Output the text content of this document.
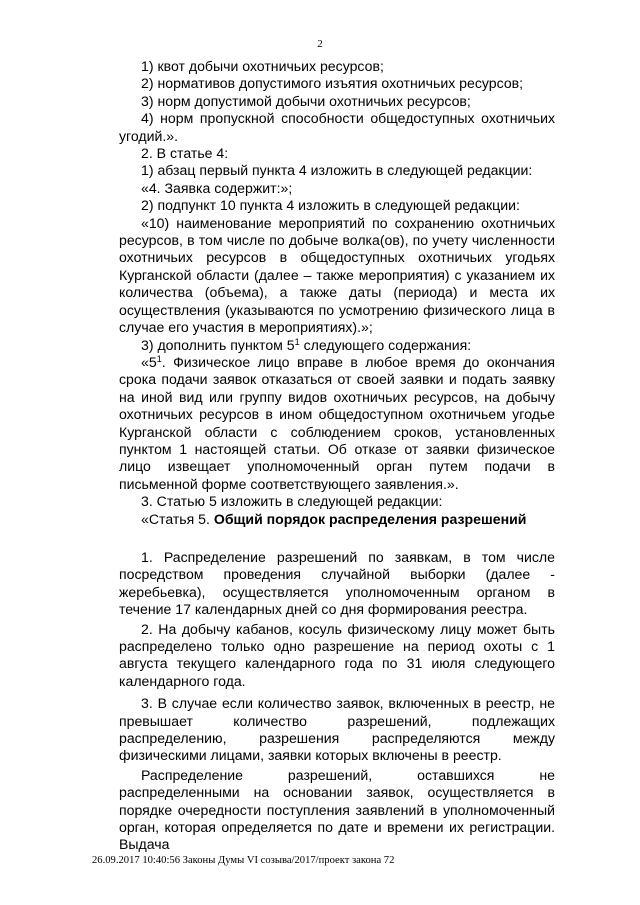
2

1) квот добычи охотничьих ресурсов;

2) нормативов допустимого изъятия охотничьих ресурсов;

3) норм допустимой добычи охотничьих ресурсов;

4) норм пропускной способности общедоступных охотничьих угодий.».

2. В статье 4:

1) абзац первый пункта 4 изложить в следующей редакции:

«4. Заявка содержит:»;

2) подпункт 10 пункта 4 изложить в следующей редакции:

«10) наименование мероприятий по сохранению охотничьих ресурсов, в том числе по добыче волка(ов), по учету численности охотничьих ресурсов в общедоступных охотничьих угодьях Курганской области (далее – также мероприятия) с указанием их количества (объема), а также даты (периода) и места их осуществления (указываются по усмотрению физического лица в случае его участия в мероприятиях).»;

3) дополнить пунктом $5^1$ следующего содержания:

«$5^1$. Физическое лицо вправе в любое время до окончания срока подачи заявок отказаться от своей заявки и подать заявку на иной вид или группу видов охотничьих ресурсов, на добычу охотничьих ресурсов в ином общедоступном охотничьем угодье Курганской области с соблюдением сроков, установленных пунктом 1 настоящей статьи. Об отказе от заявки физическое лицо извещает уполномоченный орган путем подачи в письменной форме соответствующего заявления.».

3. Статью 5 изложить в следующей редакции:

«Статья 5. Общий порядок распределения разрешений

1. Распределение разрешений по заявкам, в том числе посредством проведения случайной выборки (далее - жеребьевка), осуществляется уполномоченным органом в течение 17 календарных дней со дня формирования реестра.

2. На добычу кабанов, косуль физическому лицу может быть распределено только одно разрешение на период охоты с 1 августа текущего календарного года по 31 июля следующего календарного года.

3. В случае если количество заявок, включенных в реестр, не превышает количество разрешений, подлежащих распределению, разрешения распределяются между физическими лицами, заявки которых включены в реестр.

Распределение разрешений, оставшихся не распределенными на основании заявок, осуществляется в порядке очередности поступления заявлений в уполномоченный орган, которая определяется по дате и времени их регистрации. Выдача

26.09.2017 10:40:56 Законы Думы VI созыва/2017/проект закона 72
